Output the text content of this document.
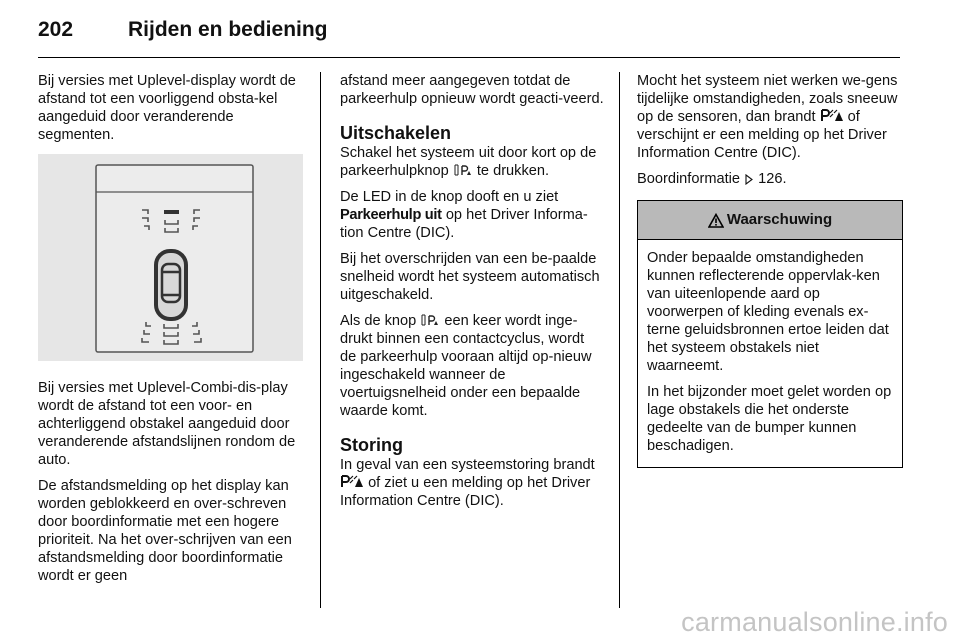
202	Rijden en bediening

Bij versies met Uplevel-display wordt de afstand tot een voorliggend obsta-kel aangeduid door veranderende segmenten.

Bij versies met Uplevel-Combi-dis-play wordt de afstand tot een voor- en achterliggend obstakel aangeduid door veranderende afstandslijnen rondom de auto.

De afstandsmelding op het display kan worden geblokkeerd en over-schreven door boordinformatie met een hogere prioriteit. Na het over-schrijven van een afstandsmelding door boordinformatie wordt er geen

afstand meer aangegeven totdat de parkeerhulp opnieuw wordt geacti-veerd.

Uitschakelen

Schakel het systeem uit door kort op de parkeerhulpknop te drukken.

De LED in de knop dooft en u ziet Parkeerhulp uit op het Driver Informa-tion Centre (DIC).

Bij het overschrijden van een be-paalde snelheid wordt het systeem automatisch uitgeschakeld.

Als de knop een keer wordt inge-drukt binnen een contactcyclus, wordt de parkeerhulp vooraan altijd op-nieuw ingeschakeld wanneer de voertuigsnelheid onder een bepaalde waarde komt.

Storing

In geval van een systeemstoring brandt  of ziet u een melding op het Driver Information Centre (DIC).

Mocht het systeem niet werken we-gens tijdelijke omstandigheden, zoals sneeuw op de sensoren, dan brandt of verschijnt er een melding op het Driver Information Centre (DIC).

Boordinformatie 126.

Waarschuwing

Onder bepaalde omstandigheden kunnen reflecterende oppervlak-ken van uiteenlopende aard op voorwerpen of kleding evenals ex-terne geluidsbronnen ertoe leiden dat het systeem obstakels niet waarneemt.

In het bijzonder moet gelet worden op lage obstakels die het onderste gedeelte van de bumper kunnen beschadigen.

carmanualsonline.info
